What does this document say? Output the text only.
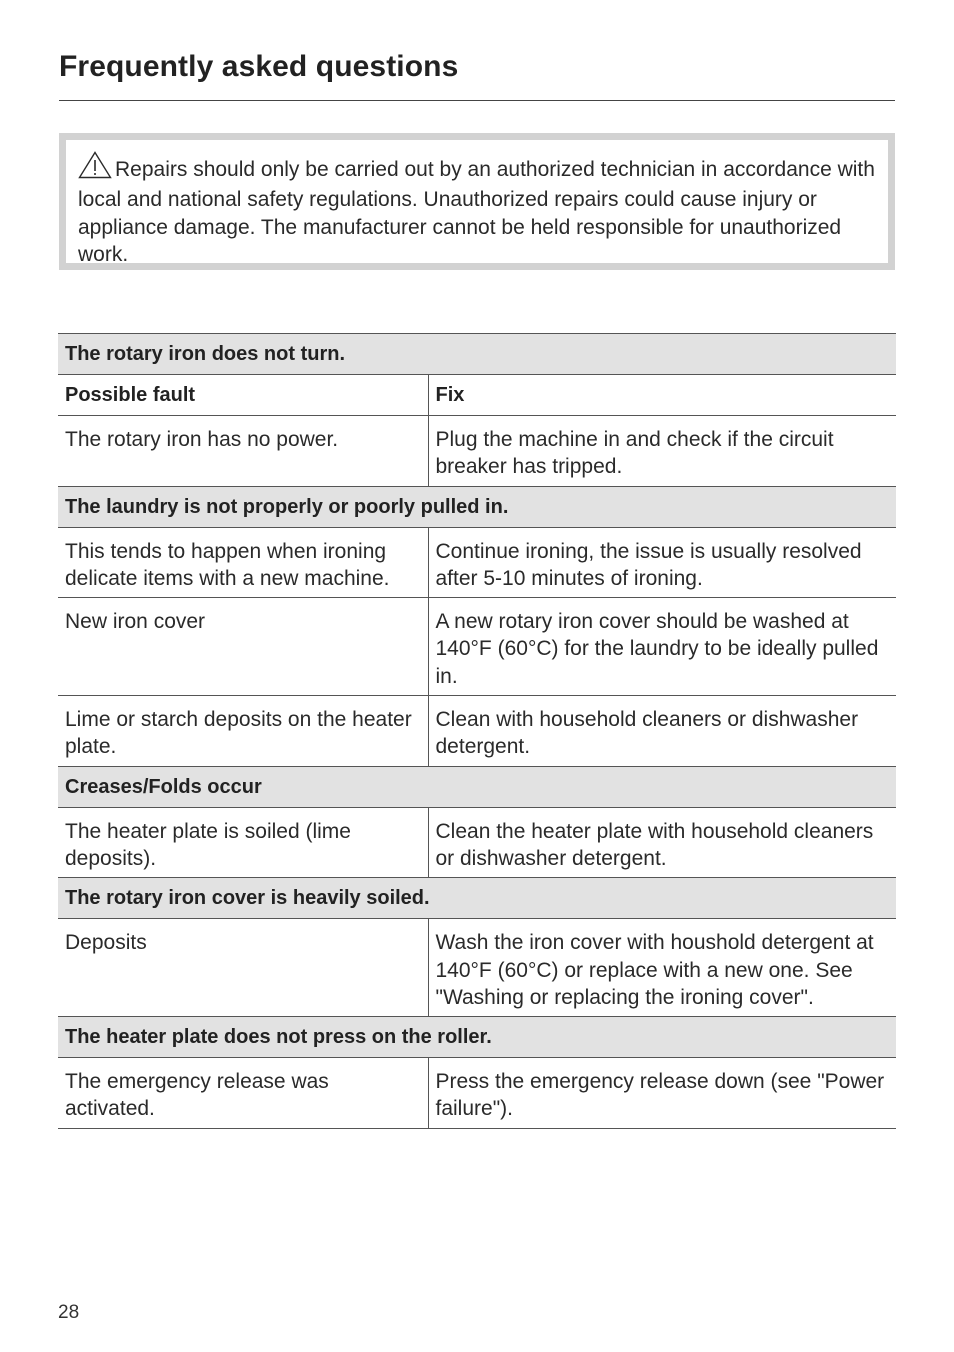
Frequently asked questions
Repairs should only be carried out by an authorized technician in accordance with local and national safety regulations. Unauthorized repairs could cause injury or appliance damage. The manufacturer cannot be held responsible for unauthorized work.
The rotary iron does not turn.	
Possible fault	Fix
The rotary iron has no power.	Plug the machine in and check if the circuit breaker has tripped.
The laundry is not properly or poorly pulled in.	
This tends to happen when ironing delicate items with a new machine.	Continue ironing, the issue is usually resolved after 5-10 minutes of ironing.
New iron cover	A new rotary iron cover should be washed at 140°F (60°C) for the laundry to be ideally pulled in.
Lime or starch deposits on the heater plate.	Clean with household cleaners or dishwasher detergent.
Creases/Folds occur	
The heater plate is soiled (lime deposits).	Clean the heater plate with household cleaners or dishwasher detergent.
The rotary iron cover is heavily soiled.	
Deposits	Wash the iron cover with houshold detergent at 140°F (60°C) or replace with a new one. See "Washing or replacing the ironing cover".
The heater plate does not press on the roller.	
The emergency release was activated.	Press the emergency release down (see "Power failure").
28
